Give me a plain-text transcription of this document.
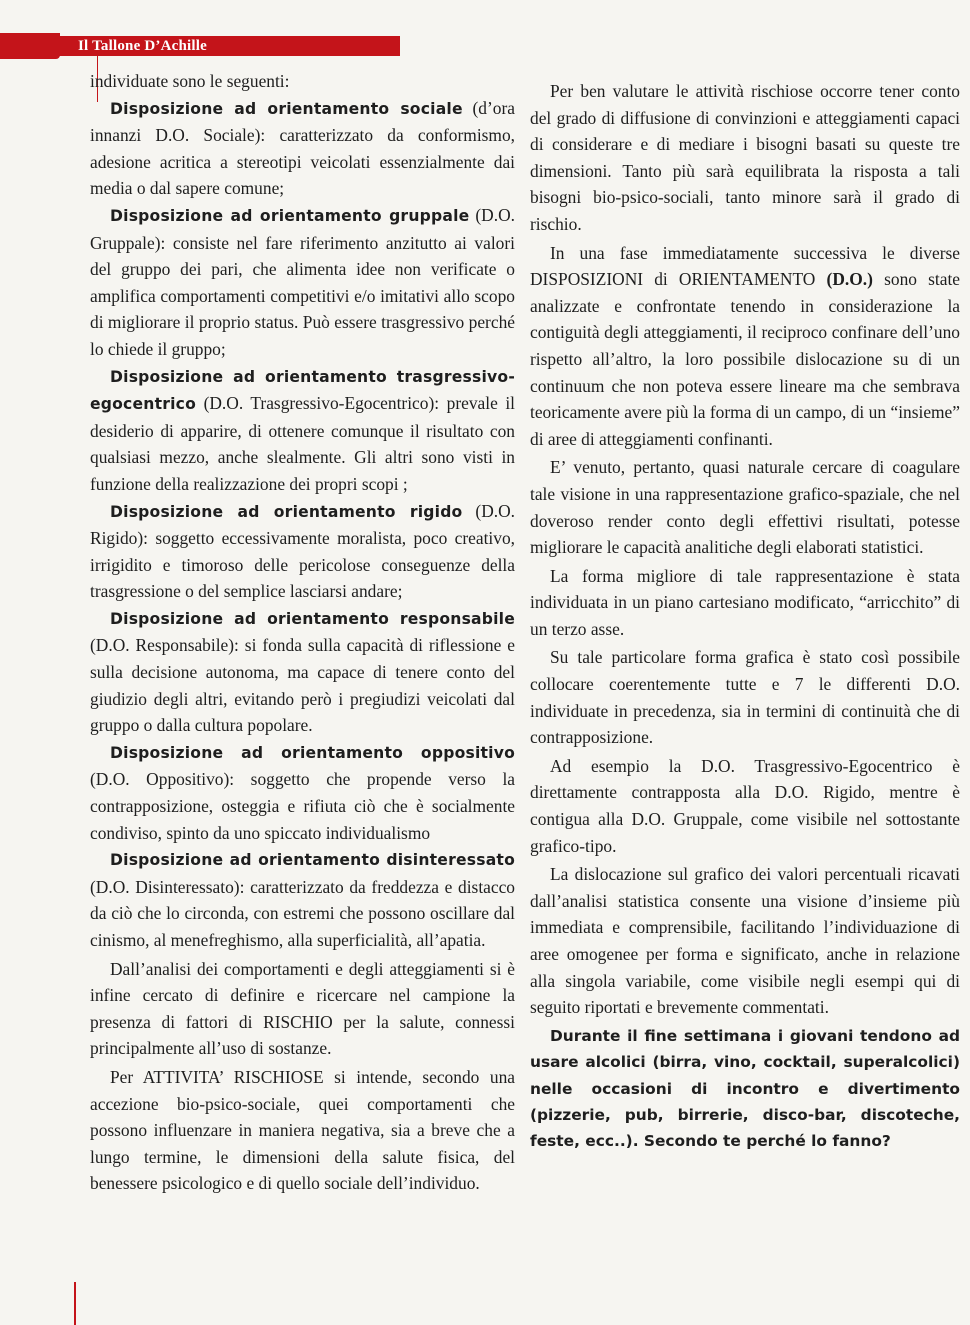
Il Tallone D’Achille

individuate sono le seguenti:

Disposizione ad orientamento sociale (d’ora innanzi D.O. Sociale): caratterizzato da conformismo, adesione acritica a stereotipi veicolati essenzialmente dai media o dal sapere comune;

Disposizione ad orientamento gruppale (D.O. Gruppale): consiste nel fare riferimento anzitutto ai valori del gruppo dei pari, che alimenta idee non verificate o amplifica comportamenti competitivi e/o imitativi allo scopo di migliorare il proprio status. Può essere trasgressivo perché lo chiede il gruppo;

Disposizione ad orientamento trasgressivo-egocentrico (D.O. Trasgressivo-Egocentrico): prevale il desiderio di apparire, di ottenere comunque il risultato con qualsiasi mezzo, anche slealmente. Gli altri sono visti in funzione della realizzazione dei propri scopi ;

Disposizione ad orientamento rigido (D.O. Rigido): soggetto eccessivamente moralista, poco creativo, irrigidito e timoroso delle pericolose conseguenze della trasgressione o del semplice lasciarsi andare;

Disposizione ad orientamento responsabile (D.O. Responsabile): si fonda sulla capacità di riflessione e sulla decisione autonoma, ma capace di tenere conto del giudizio degli altri, evitando però i pregiudizi veicolati dal gruppo o dalla cultura popolare.

Disposizione ad orientamento oppositivo (D.O. Oppositivo): soggetto che propende verso la contrapposizione, osteggia e rifiuta ciò che è socialmente condiviso, spinto da uno spiccato individualismo

Disposizione ad orientamento disinteressato (D.O. Disinteressato): caratterizzato da freddezza e distacco da ciò che lo circonda, con estremi che possono oscillare dal cinismo, al menefreghismo, alla superficialità, all’apatia.

Dall’analisi dei comportamenti e degli atteggiamenti si è infine cercato di definire e ricercare nel campione la presenza di fattori di RISCHIO per la salute, connessi principalmente all’uso di sostanze.

Per ATTIVITA’ RISCHIOSE si intende, secondo una accezione bio-psico-sociale, quei comportamenti che possono influenzare in maniera negativa, sia a breve che a lungo termine, le dimensioni della salute fisica, del benessere psicologico e di quello sociale dell’individuo.

Per ben valutare le attività rischiose occorre tener conto del grado di diffusione di convinzioni e atteggiamenti capaci di considerare e di mediare i bisogni basati su queste tre dimensioni. Tanto più sarà equilibrata la risposta a tali bisogni bio-psico-sociali, tanto minore sarà il grado di rischio.

In una fase immediatamente successiva le diverse DISPOSIZIONI di ORIENTAMENTO (D.O.) sono state analizzate e confrontate tenendo in considerazione la contiguità degli atteggiamenti, il reciproco confinare dell’uno rispetto all’altro, la loro possibile dislocazione su di un continuum che non poteva essere lineare ma che sembrava teoricamente avere più la forma di un campo, di un “insieme” di aree di atteggiamenti confinanti.

E’ venuto, pertanto, quasi naturale cercare di coagulare tale visione in una rappresentazione grafico-spaziale, che nel doveroso render conto degli effettivi risultati, potesse migliorare le capacità analitiche degli elaborati statistici.

La forma migliore di tale rappresentazione è stata individuata in un piano cartesiano modificato, “arricchito” di un terzo asse.

Su tale particolare forma grafica è stato così possibile collocare coerentemente tutte e 7 le differenti D.O. individuate in precedenza, sia in termini di continuità che di contrapposizione.

Ad esempio la D.O. Trasgressivo-Egocentrico è direttamente contrapposta alla D.O. Rigido, mentre è contigua alla D.O. Gruppale, come visibile nel sottostante grafico-tipo.

La dislocazione sul grafico dei valori percentuali ricavati dall’analisi statistica consente una visione d’insieme più immediata e comprensibile, facilitando l’individuazione di aree omogenee per forma e significato, anche in relazione alla singola variabile, come visibile negli esempi qui di seguito riportati e brevemente commentati.

Durante il fine settimana i giovani tendono ad usare alcolici (birra, vino, cocktail, superalcolici) nelle occasioni di incontro e divertimento (pizzerie, pub, birrerie, disco-bar, discoteche, feste, ecc..). Secondo te perché lo fanno?
